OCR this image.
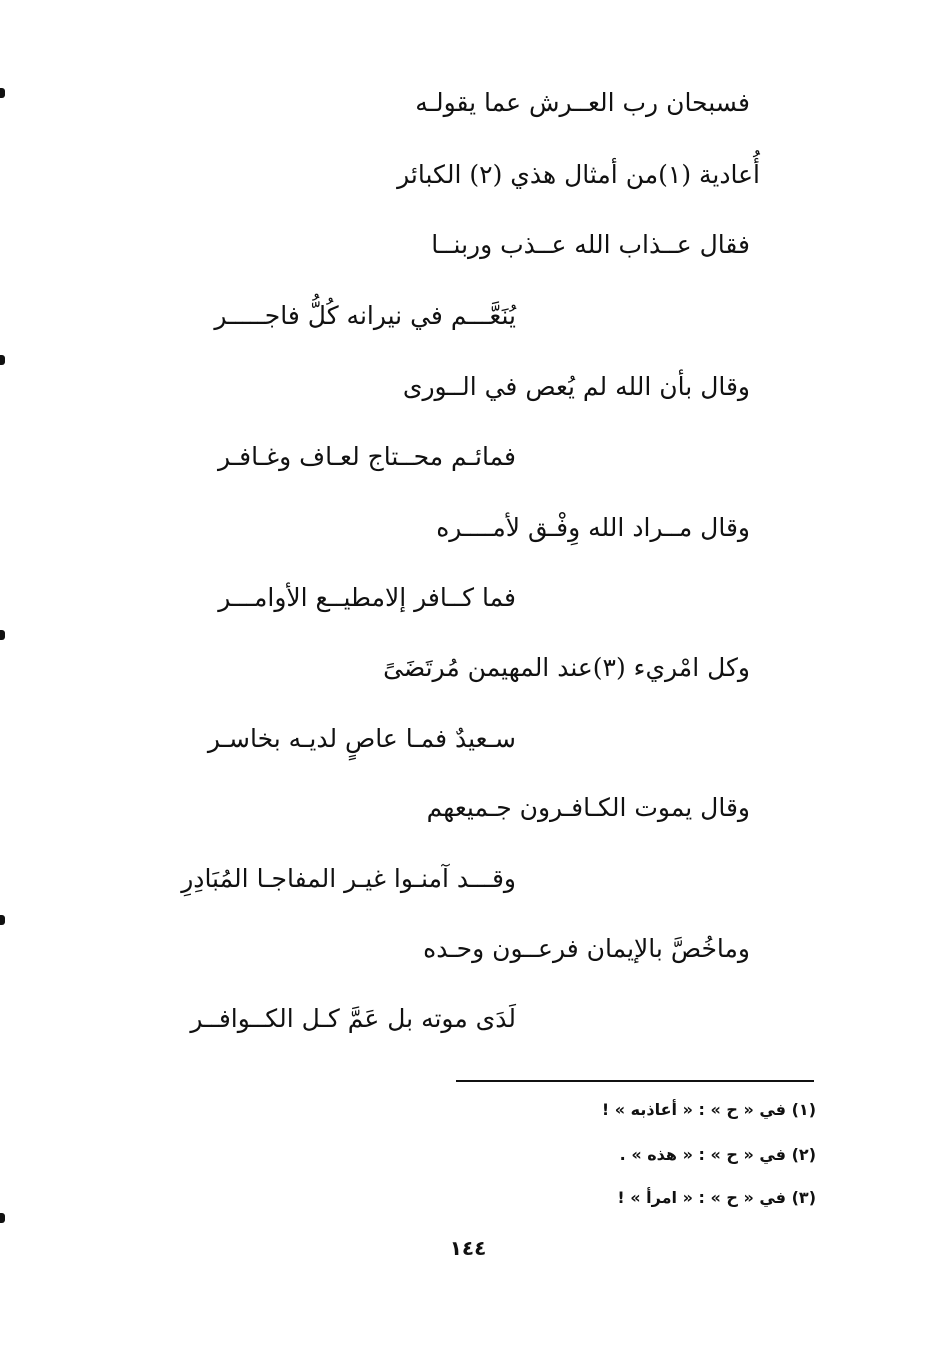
فسبحان رب العــرش عما يقولـه
أُعادية (١)من أمثال هذي (٢) الكبائر
فقال عــذاب الله عــذب وربنــا
يُنَعَّـــم في نيرانه كُلُّ فاجـــــر
وقال بأن الله لم يُعص في الــورى
فمائـم محــتاج لعـاف وغـافـر
وقال مــراد الله وِفْـق لأمــــره
فما كــافر إلامطيــع الأوامـــر
وكل امْريء (٣)عند المهيمن مُرتَضَىً
سـعيدٌ فمـا عاصٍ لديـه بخاسـر
وقال يموت الكـافـرون جـميعهم
وقـــد آمنـوا غيـر المفاجـا المُبَادِرِ
وماخُصَّ بالإيمان فرعــون وحـده
لَدَى موته بل عَمَّ كـل الكــوافــر
(١) في « ح » : « أعاذبه » !
(٢) في « ح » : « هذه » .
(٣) في « ح » : « امرأ » !
١٤٤
